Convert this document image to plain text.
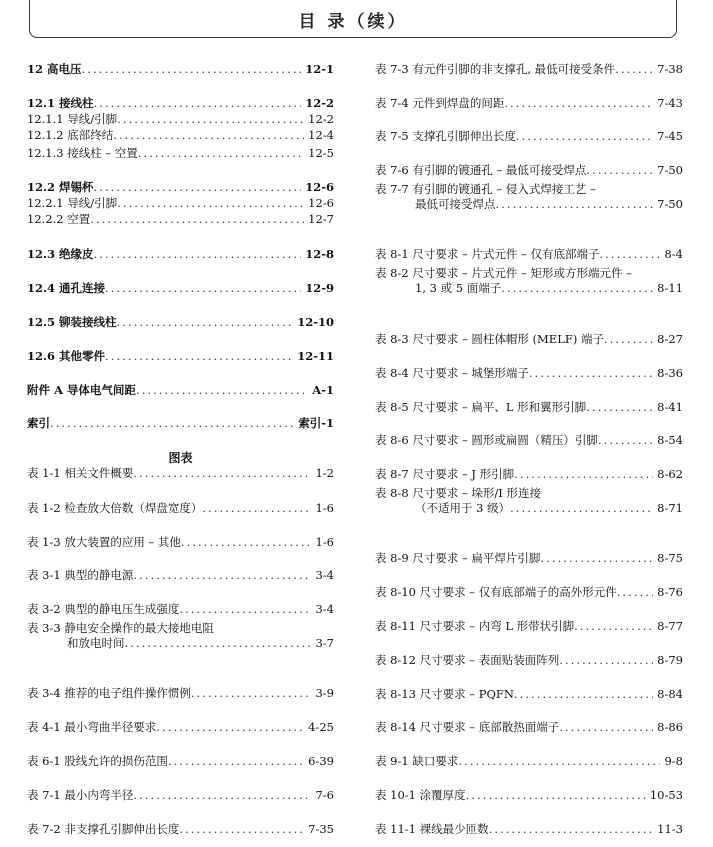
目 录（续）
12 高电压 . . .	12-1
12.1 接线柱 . . .	12-2
12.1.1 导线/引脚 . . .	12-2
12.1.2 底部终结 . . .	12-4
12.1.3 接线柱 – 空置 . . .	12-5
12.2 焊锡杯 . . .	12-6
12.2.1 导线/引脚 . . .	12-6
12.2.2 空置 . . .	12-7
12.3 绝缘皮 . . .	12-8
12.4 通孔连接 . . .	12-9
12.5 铆装接线柱 . . .	12-10
12.6 其他零件 . . .	12-11
附件 A 导体电气间距 . . .	A-1
索引 . . .	索引-1
表 1-1 相关文件概要 . . .	1-2
表 1-2 检查放大倍数（焊盘宽度） . . .	1-6
表 1-3 放大装置的应用 – 其他 . . .	1-6
表 3-1 典型的静电源 . . .	3-4
表 3-2 典型的静电压生成强度 . . .	3-4
表 3-3 静电安全操作的最大接地电阻
和放电时间 . . .	3-7
表 3-4 推荐的电子组件操作惯例 . . .	3-9
表 4-1 最小弯曲半径要求 . . .	4-25
表 6-1 股线允许的损伤范围 . . .	6-39
表 7-1 最小内弯半径 . . .	7-6
表 7-2 非支撑孔引脚伸出长度 . . .	7-35
图表
表 7-3 有元件引脚的非支撑孔, 最低可接受条件 . . .	7-38
表 7-4 元件到焊盘的间距 . . .	7-43
表 7-5 支撑孔引脚伸出长度 . . .	7-45
表 7-6 有引脚的镀通孔 – 最低可接受焊点 . . .	7-50
表 7-7 有引脚的镀通孔 – 侵入式焊接工艺 –
最低可接受焊点 . . .	7-50
表 8-1 尺寸要求 – 片式元件 – 仅有底部端子 . . .	8-4
表 8-2 尺寸要求 – 片式元件 – 矩形或方形端元件 –
1, 3 或 5 面端子 . . .	8-11
表 8-3 尺寸要求 – 圆柱体帽形 (MELF) 端子 . . .	8-27
表 8-4 尺寸要求 – 城堡形端子 . . .	8-36
表 8-5 尺寸要求 – 扁平、L 形和翼形引脚 . . .	8-41
表 8-6 尺寸要求 – 圆形或扁圆（精压）引脚 . . .	8-54
表 8-7 尺寸要求 – J 形引脚 . . .	8-62
表 8-8 尺寸要求 – 垛形/I 形连接
（不适用于 3 级） . . .	8-71
表 8-9 尺寸要求 – 扁平焊片引脚 . . .	8-75
表 8-10 尺寸要求 – 仅有底部端子的高外形元件 . . .	8-76
表 8-11 尺寸要求 – 内弯 L 形带状引脚 . . .	8-77
表 8-12 尺寸要求 – 表面贴装面阵列 . . .	8-79
表 8-13 尺寸要求 – PQFN . . .	8-84
表 8-14 尺寸要求 – 底部散热面端子 . . .	8-86
表 9-1 缺口要求 . . .	9-8
表 10-1 涂覆厚度 . . .	10-53
表 11-1 裸线最少匝数 . . .	11-3
